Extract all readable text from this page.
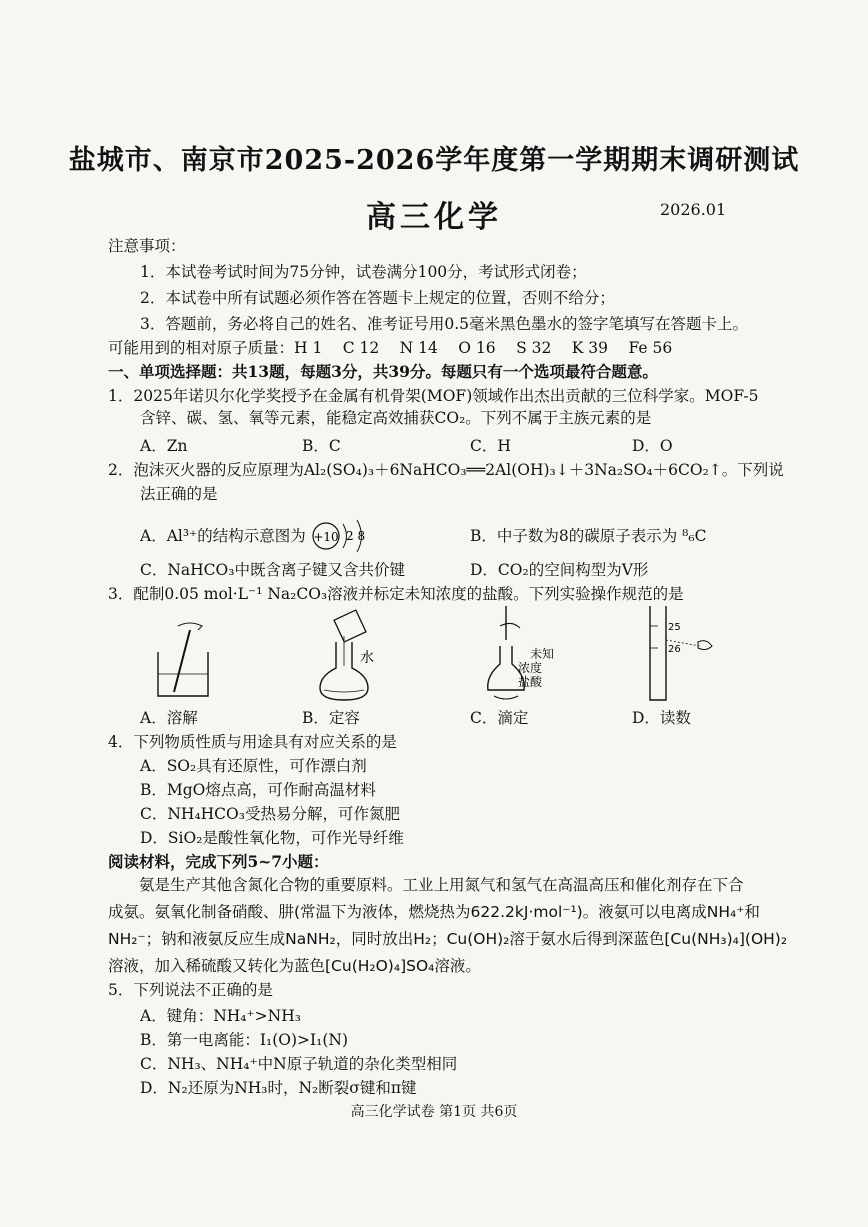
盐城市、南京市2025-2026学年度第一学期期末调研测试
高三化学	2026.01
注意事项：
1．本试卷考试时间为75分钟，试卷满分100分，考试形式闭卷；
2．本试卷中所有试题必须作答在答题卡上规定的位置，否则不给分；
3．答题前，务必将自己的姓名、准考证号用0.5毫米黑色墨水的签字笔填写在答题卡上。
可能用到的相对原子质量：H 1　 C 12　 N 14　 O 16　 S 32　 K 39　 Fe 56
一、单项选择题：共13题，每题3分，共39分。每题只有一个选项最符合题意。
1．2025年诺贝尔化学奖授予在金属有机骨架(MOF)领域作出杰出贡献的三位科学家。MOF-5
含锌、碳、氢、氧等元素，能稳定高效捕获CO₂。下列不属于主族元素的是
A．Zn	B．C	C．H	D．O
2．泡沫灭火器的反应原理为Al₂(SO₄)₃＋6NaHCO₃══2Al(OH)₃↓＋3Na₂SO₄＋6CO₂↑。下列说
法正确的是
A．Al³⁺的结构示意图为 +10 2 8	B．中子数为8的碳原子表示为 ⁸₆C
C．NaHCO₃中既含离子键又含共价键	D．CO₂的空间构型为V形
3．配制0.05 mol·L⁻¹ Na₂CO₃溶液并标定未知浓度的盐酸。下列实验操作规范的是
水	未知
浓度
盐酸
25
26
A．溶解	B．定容	C．滴定	D．读数
4．下列物质性质与用途具有对应关系的是
A．SO₂具有还原性，可作漂白剂
B．MgO熔点高，可作耐高温材料
C．NH₄HCO₃受热易分解，可作氮肥
D．SiO₂是酸性氧化物，可作光导纤维
阅读材料，完成下列5~7小题：
　　氨是生产其他含氮化合物的重要原料。工业上用氮气和氢气在高温高压和催化剂存在下合
成氨。氨氧化制备硝酸、肼(常温下为液体，燃烧热为622.2kJ·mol⁻¹)。液氨可以电离成NH₄⁺和
NH₂⁻；钠和液氨反应生成NaNH₂，同时放出H₂；Cu(OH)₂溶于氨水后得到深蓝色[Cu(NH₃)₄](OH)₂
溶液，加入稀硫酸又转化为蓝色[Cu(H₂O)₄]SO₄溶液。
5．下列说法不正确的是
A．键角：NH₄⁺>NH₃
B．第一电离能：I₁(O)>I₁(N)
C．NH₃、NH₄⁺中N原子轨道的杂化类型相同
D．N₂还原为NH₃时，N₂断裂σ键和π键
高三化学试卷 第1页 共6页
